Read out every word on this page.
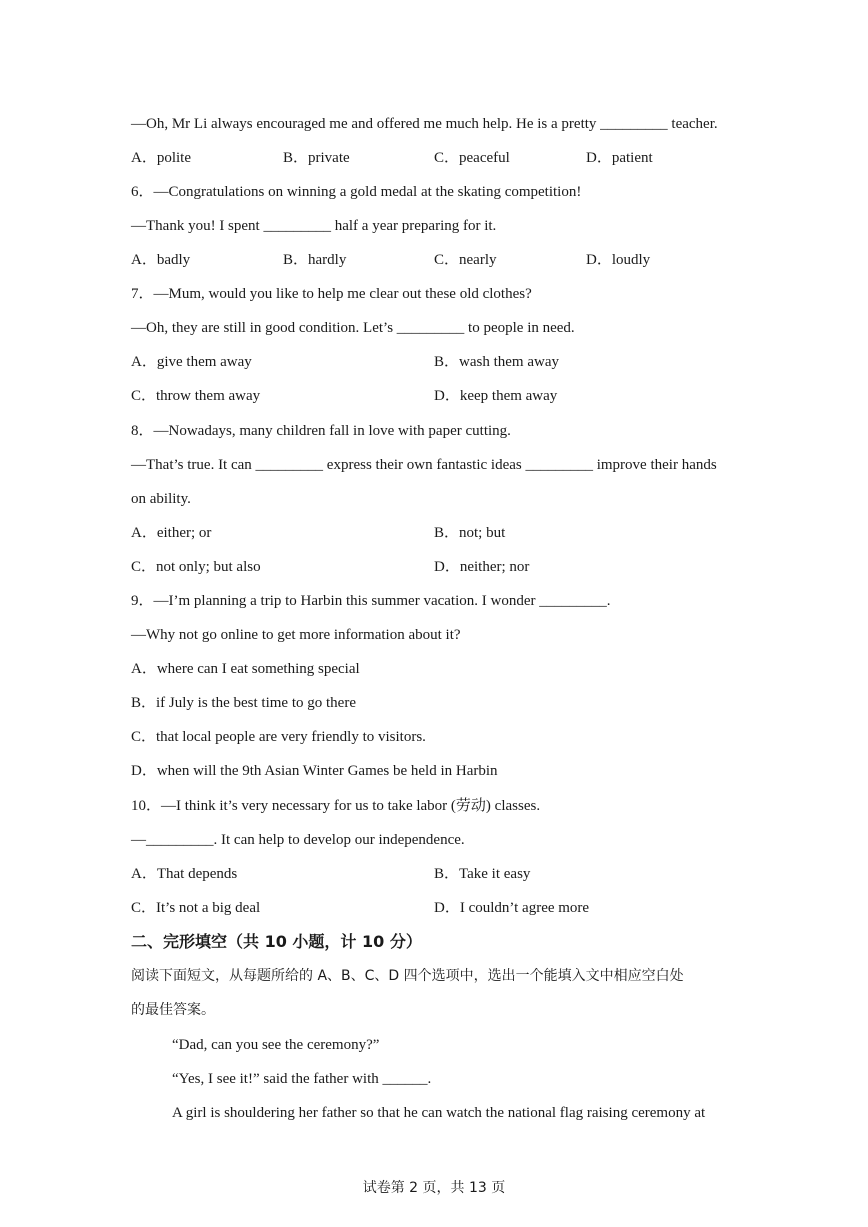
—Oh, Mr Li always encouraged me and offered me much help. He is a pretty _________ teacher.
A．polite	B．private	C．peaceful	D．patient
6．—Congratulations on winning a gold medal at the skating competition!
—Thank you! I spent _________ half a year preparing for it.
A．badly	B．hardly	C．nearly	D．loudly
7．—Mum, would you like to help me clear out these old clothes?
—Oh, they are still in good condition. Let’s _________ to people in need.
A．give them away	B．wash them away
C．throw them away	D．keep them away
8．—Nowadays, many children fall in love with paper cutting.
—That’s true. It can _________ express their own fantastic ideas _________ improve their hands
on ability.
A．either; or	B．not; but
C．not only; but also	D．neither; nor
9．—I’m planning a trip to Harbin this summer vacation. I wonder _________.
—Why not go online to get more information about it?
A．where can I eat something special
B．if July is the best time to go there
C．that local people are very friendly to visitors.
D．when will the 9th Asian Winter Games be held in Harbin
10．—I think it’s very necessary for us to take labor (劳动) classes.
—_________. It can help to develop our independence.
A．That depends	B．Take it easy
C．It’s not a big deal	D．I couldn’t agree more
二、完形填空（共 10 小题，计 10 分）
阅读下面短文，从每题所给的 A、B、C、D 四个选项中，选出一个能填入文中相应空白处
的最佳答案。
“Dad, can you see the ceremony?”
“Yes, I see it!” said the father with ______.
A girl is shouldering her father so that he can watch the national flag raising ceremony at
试卷第 2 页，共 13 页
